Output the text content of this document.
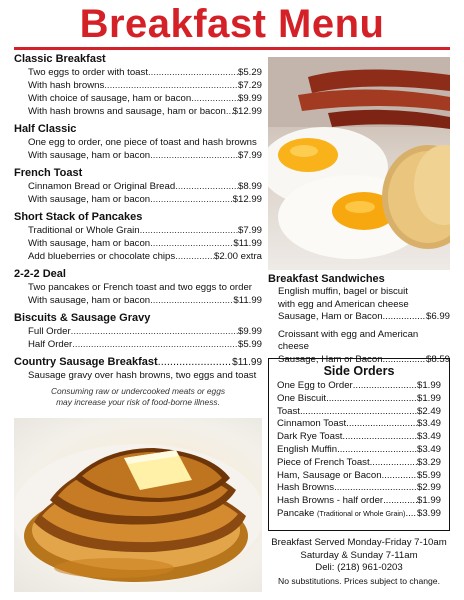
Breakfast Menu
Classic Breakfast
Two eggs to order with toast .....	$5.29
With hash browns .....	$7.29
With choice of sausage, ham or bacon .....	$9.99
With hash browns and sausage, ham or bacon ..... $12.99
Half Classic
One egg to order, one piece of toast and hash browns
With sausage, ham or bacon .....	$7.99
French Toast
Cinnamon Bread or Original Bread .....	$8.99
With sausage, ham or bacon .....	$12.99
Short Stack of Pancakes
Traditional or Whole Grain .....	$7.99
With sausage, ham or bacon .....	$11.99
Add blueberries or chocolate chips .....	$2.00 extra
2-2-2 Deal
Two pancakes or French toast and two eggs to order
With sausage, ham or bacon .....	$11.99
Biscuits & Sausage Gravy
Full Order .....	$9.99
Half Order .....	$5.99
Country Sausage Breakfast .....	$11.99
Sausage gravy over hash browns, two eggs and toast
Consuming raw or undercooked meats or eggs
may increase your risk of food-borne illness.
Breakfast Sandwiches
English muffin, bagel or biscuit
with egg and American cheese
Sausage, Ham or Bacon .....	$6.99
Croissant with egg and American cheese
Sausage, Ham or Bacon .....	$8.59
Side Orders
One Egg to Order .....	$1.99
One Biscuit .....	$1.99
Toast .....	$2.49
Cinnamon Toast .....	$3.49
Dark Rye Toast .....	$3.49
English Muffin .....	$3.49
Piece of French Toast .....	$3.29
Ham, Sausage or Bacon .....	$5.99
Hash Browns .....	$2.99
Hash Browns - half order .....	$1.99
Pancake
(Traditional or Whole Grain) ..... $3.99
Breakfast Served Monday-Friday 7-10am
Saturday & Sunday 7-11am
Deli: (218) 961-0203
No substitutions. Prices subject to change.
